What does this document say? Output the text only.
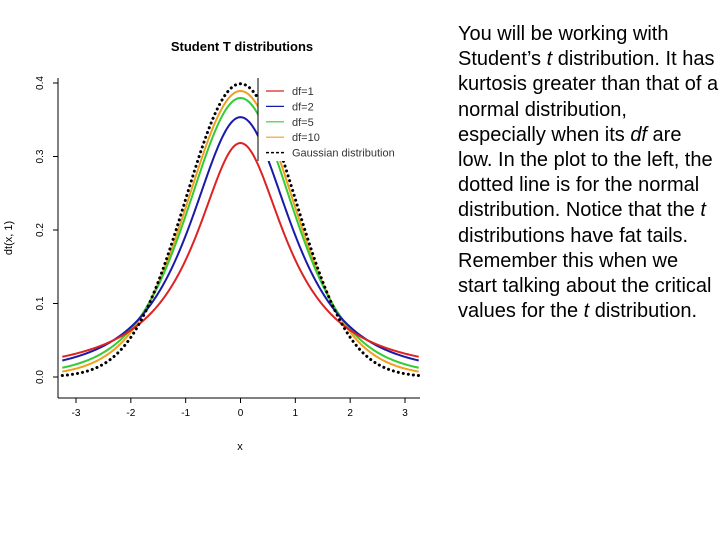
Student T distributions
-3	-2	-1	0	1	2	3
0.0
0.1
0.2
0.3
0.4
x
dt(x, 1)
df=1
df=2
df=5
df=10
Gaussian distribution
You will be working with Student’s t distribution. It has kurtosis greater than that of a normal distribution, especially when its df are low. In the plot to the left, the dotted line is for the normal distribution. Notice that the t distributions have fat tails. Remember this when we start talking about the critical values for the t distribution.
